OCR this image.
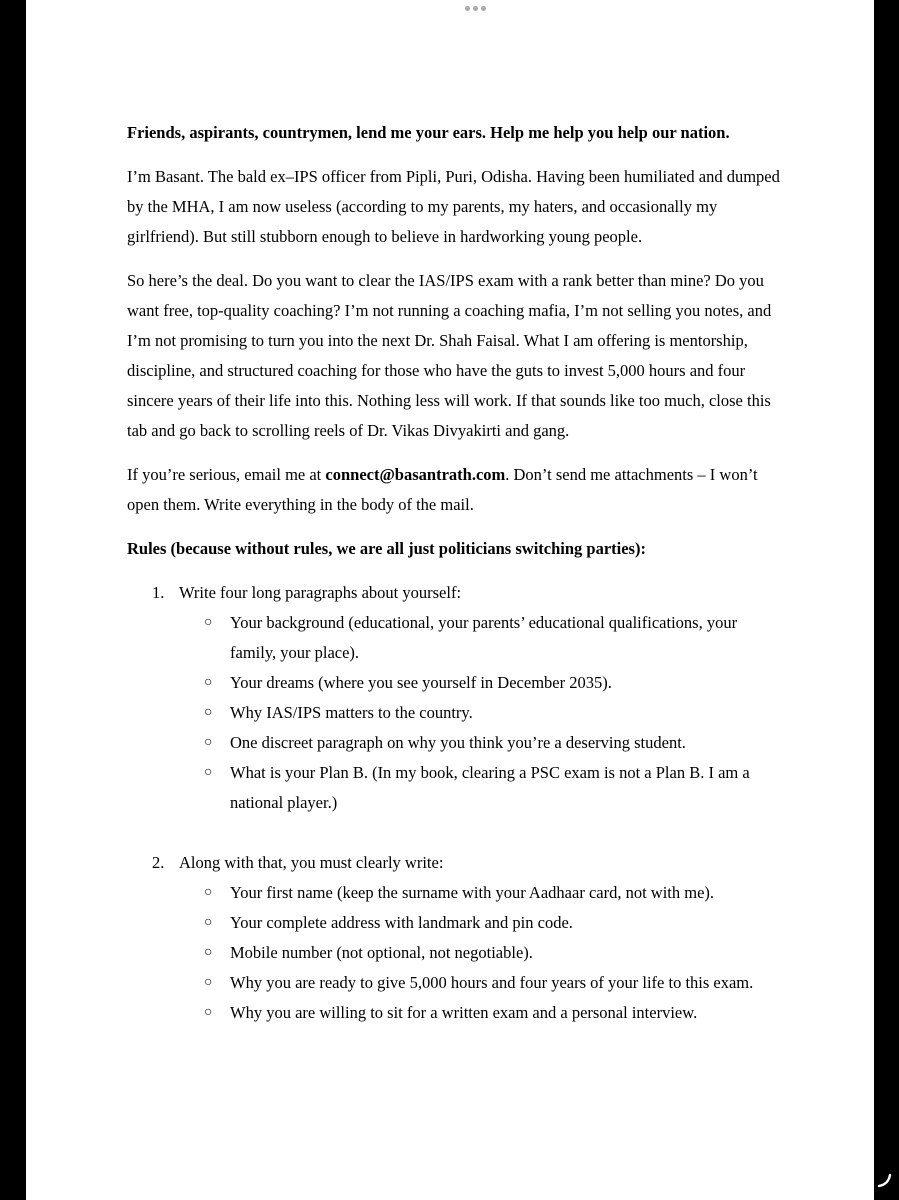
Friends, aspirants, countrymen, lend me your ears. Help me help you help our nation.

I’m Basant. The bald ex–IPS officer from Pipli, Puri, Odisha. Having been humiliated and dumped by the MHA, I am now useless (according to my parents, my haters, and occasionally my girlfriend). But still stubborn enough to believe in hardworking young people.

So here’s the deal. Do you want to clear the IAS/IPS exam with a rank better than mine? Do you want free, top-quality coaching? I’m not running a coaching mafia, I’m not selling you notes, and I’m not promising to turn you into the next Dr. Shah Faisal. What I am offering is mentorship, discipline, and structured coaching for those who have the guts to invest 5,000 hours and four sincere years of their life into this. Nothing less will work. If that sounds like too much, close this tab and go back to scrolling reels of Dr. Vikas Divyakirti and gang.

If you’re serious, email me at connect@basantrath.com. Don’t send me attachments – I won’t open them. Write everything in the body of the mail.

Rules (because without rules, we are all just politicians switching parties):

1. Write four long paragraphs about yourself:
○ Your background (educational, your parents’ educational qualifications, your family, your place).
○ Your dreams (where you see yourself in December 2035).
○ Why IAS/IPS matters to the country.
○ One discreet paragraph on why you think you’re a deserving student.
○ What is your Plan B. (In my book, clearing a PSC exam is not a Plan B. I am a national player.)
2. Along with that, you must clearly write:
○ Your first name (keep the surname with your Aadhaar card, not with me).
○ Your complete address with landmark and pin code.
○ Mobile number (not optional, not negotiable).
○ Why you are ready to give 5,000 hours and four years of your life to this exam.
○ Why you are willing to sit for a written exam and a personal interview.
